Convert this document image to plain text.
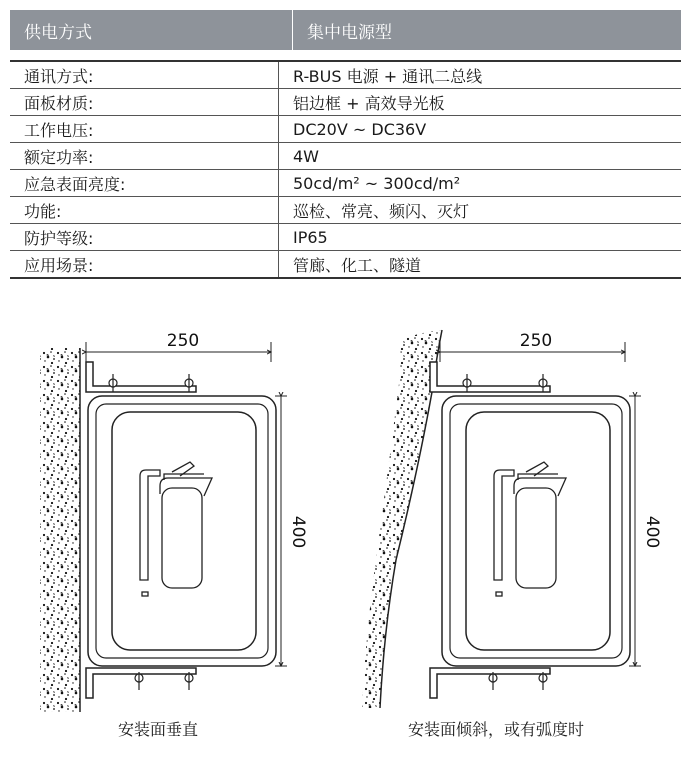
供电方式	集中电源型
通讯方式:	R-BUS 电源 + 通讯二总线
面板材质:	铝边框 + 高效导光板
工作电压:	DC20V ~ DC36V
额定功率:	4W
应急表面亮度:	50cd/m² ~ 300cd/m²
功能:	巡检、常亮、频闪、灭灯
防护等级:	IP65
应用场景:	管廊、化工、隧道
250
400
250
400
安装面垂直	安装面倾斜，或有弧度时
